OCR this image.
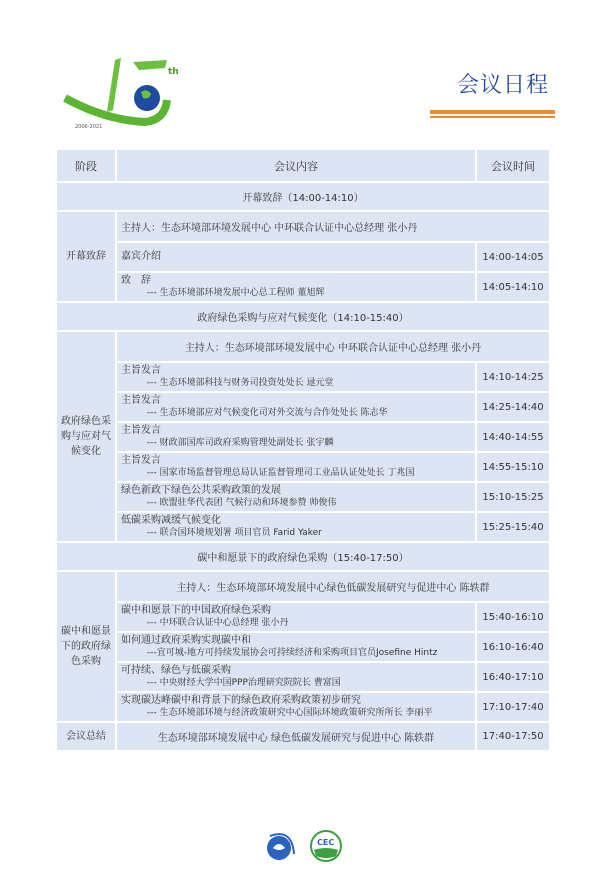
th
2006-2021
会议日程
阶段	会议内容	会议时间
开幕致辞（14:00-14:10）		
开幕致辞	主持人：生态环境部环境发展中心 中环联合认证中心总经理 张小丹	

	嘉宾介绍	14:00-14:05

	致　辞
--- 生态环境部环境发展中心总工程师 董旭辉	14:05-14:10
政府绿色采购与应对气候变化（14:10-15:40）		
政府绿色采购与应对气候变化	主持人：生态环境部环境发展中心 中环联合认证中心总经理 张小丹	

	主旨发言
--- 生态环境部科技与财务司投资处处长 逯元堂	14:10-14:25

	主旨发言
--- 生态环境部应对气候变化司对外交流与合作处处长 陈志华	14:25-14:40

	主旨发言
--- 财政部国库司政府采购管理处副处长 张宇麟	14:40-14:55

	主旨发言
--- 国家市场监督管理总局认证监督管理司工业品认证处处长 丁兆国	14:55-15:10

	绿色新政下绿色公共采购政策的发展
--- 欧盟驻华代表团 气候行动和环境参赞 帅俊伟	15:10-15:25

	低碳采购减缓气候变化
--- 联合国环境规划署 项目官员 Farid Yaker	15:25-15:40
碳中和愿景下的政府绿色采购（15:40-17:50）		
碳中和愿景下的政府绿色采购	主持人：生态环境部环境发展中心绿色低碳发展研究与促进中心 陈轶群	

	碳中和愿景下的中国政府绿色采购
--- 中环联合认证中心总经理 张小丹	15:40-16:10

	如何通过政府采购实现碳中和
---宜可城-地方可持续发展协会可持续经济和采购项目官员Josefine Hintz	16:10-16:40

	可持续、绿色与低碳采购
--- 中央财经大学中国PPP治理研究院院长 曹富国	16:40-17:10

	实现碳达峰碳中和背景下的绿色政府采购政策初步研究
--- 生态环境部环境与经济政策研究中心国际环境政策研究所所长 李丽平	17:10-17:40
会议总结	生态环境部环境发展中心 绿色低碳发展研究与促进中心 陈轶群	17:40-17:50
CEC
